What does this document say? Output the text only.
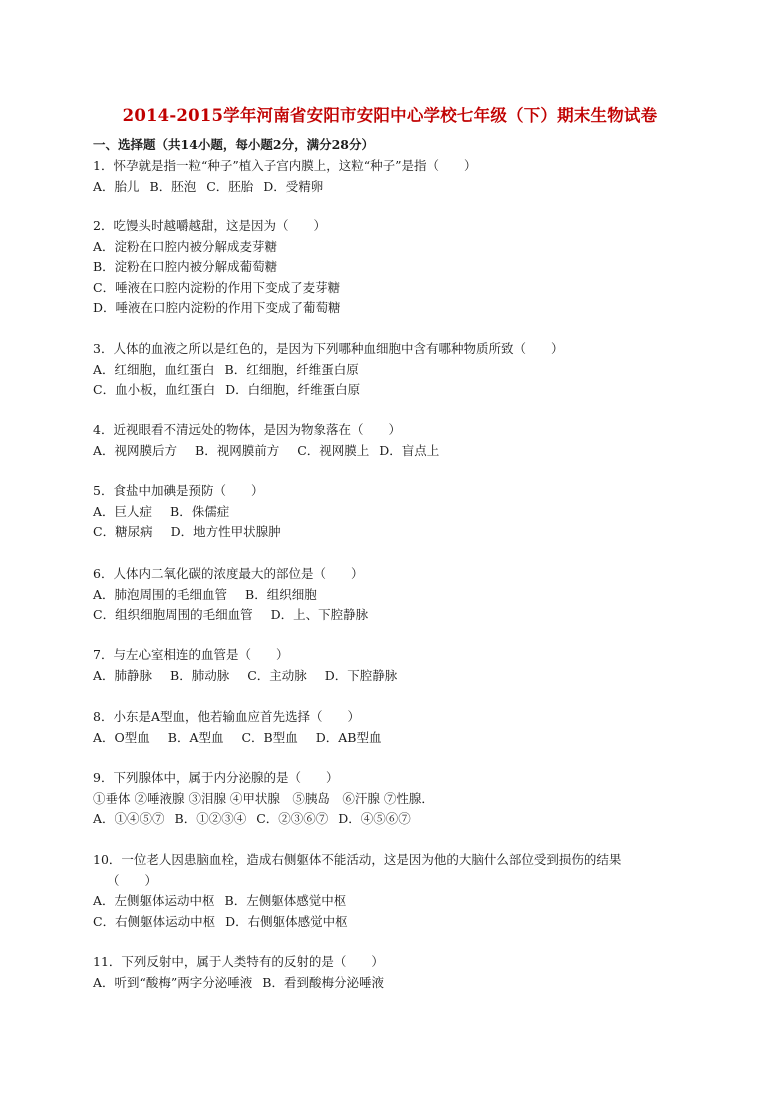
2014-2015学年河南省安阳市安阳中心学校七年级（下）期末生物试卷
一、选择题（共14小题，每小题2分，满分28分）
1．怀孕就是指一粒“种子”植入子宫内膜上，这粒“种子”是指（　　）
A．胎儿 B．胚泡 C．胚胎 D．受精卵
2．吃馒头时越嚼越甜，这是因为（　　）
A．淀粉在口腔内被分解成麦芽糖
B．淀粉在口腔内被分解成葡萄糖
C．唾液在口腔内淀粉的作用下变成了麦芽糖
D．唾液在口腔内淀粉的作用下变成了葡萄糖
3．人体的血液之所以是红色的，是因为下列哪种血细胞中含有哪种物质所致（　　）
A．红细胞，血红蛋白 B．红细胞，纤维蛋白原
C．血小板，血红蛋白 D．白细胞，纤维蛋白原
4．近视眼看不清远处的物体，是因为物象落在（　　）
A．视网膜后方 B．视网膜前方 C．视网膜上 D．盲点上
5．食盐中加碘是预防（　　）
A．巨人症 B．侏儒症
C．糖尿病 D．地方性甲状腺肿
6．人体内二氧化碳的浓度最大的部位是（　　）
A．肺泡周围的毛细血管 B．组织细胞
C．组织细胞周围的毛细血管 D．上、下腔静脉
7．与左心室相连的血管是（　　）
A．肺静脉 B．肺动脉 C．主动脉 D．下腔静脉
8．小东是A型血，他若输血应首先选择（　　）
A．O型血 B．A型血 C．B型血 D．AB型血
9．下列腺体中，属于内分泌腺的是（　　）
①垂体 ②唾液腺 ③泪腺 ④甲状腺　⑤胰岛　⑥汗腺 ⑦性腺．
A．①④⑤⑦ B．①②③④ C．②③⑥⑦ D．④⑤⑥⑦
10．一位老人因患脑血栓，造成右侧躯体不能活动，这是因为他的大脑什么部位受到损伤的结果
（　　）
A．左侧躯体运动中枢 B．左侧躯体感觉中枢
C．右侧躯体运动中枢 D．右侧躯体感觉中枢
11．下列反射中，属于人类特有的反射的是（　　）
A．听到“酸梅”两字分泌唾液 B．看到酸梅分泌唾液
